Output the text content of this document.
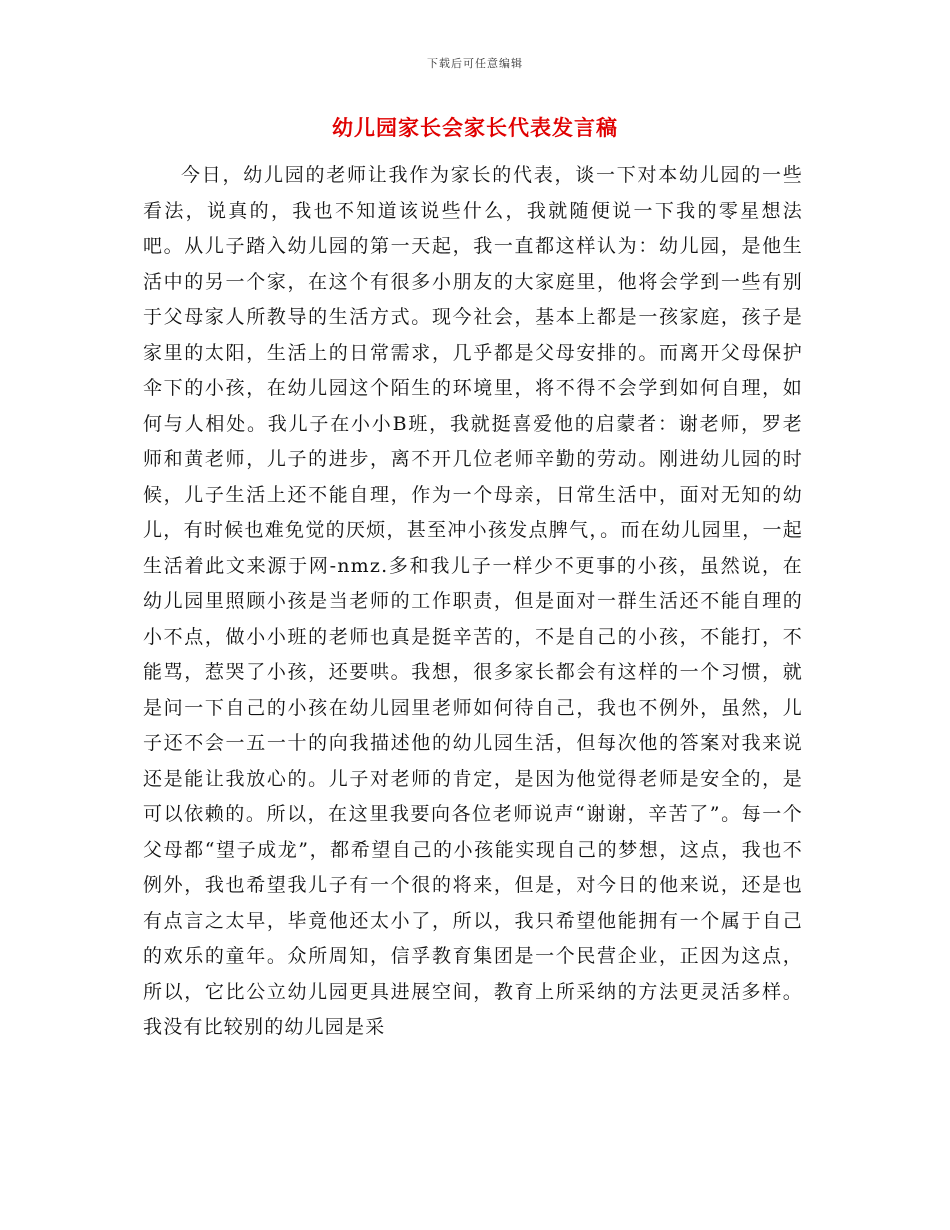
下载后可任意编辑
幼儿园家长会家长代表发言稿

今日，幼儿园的老师让我作为家长的代表，谈一下对本幼儿园的一些看法，说真的，我也不知道该说些什么，我就随便说一下我的零星想法吧。从儿子踏入幼儿园的第一天起，我一直都这样认为：幼儿园，是他生活中的另一个家，在这个有很多小朋友的大家庭里，他将会学到一些有别于父母家人所教导的生活方式。现今社会，基本上都是一孩家庭，孩子是家里的太阳，生活上的日常需求，几乎都是父母安排的。而离开父母保护伞下的小孩，在幼儿园这个陌生的环境里，将不得不会学到如何自理，如何与人相处。我儿子在小小B班，我就挺喜爱他的启蒙者：谢老师，罗老师和黄老师，儿子的进步，离不开几位老师辛勤的劳动。刚进幼儿园的时候，儿子生活上还不能自理，作为一个母亲，日常生活中，面对无知的幼儿，有时候也难免觉的厌烦，甚至冲小孩发点脾气，。而在幼儿园里，一起生活着此文来源于网-nmz.多和我儿子一样少不更事的小孩，虽然说，在幼儿园里照顾小孩是当老师的工作职责，但是面对一群生活还不能自理的小不点，做小小班的老师也真是挺辛苦的，不是自己的小孩，不能打，不能骂，惹哭了小孩，还要哄。我想，很多家长都会有这样的一个习惯，就是问一下自己的小孩在幼儿园里老师如何待自己，我也不例外，虽然，儿子还不会一五一十的向我描述他的幼儿园生活，但每次他的答案对我来说还是能让我放心的。儿子对老师的肯定，是因为他觉得老师是安全的，是可以依赖的。所以，在这里我要向各位老师说声“谢谢，辛苦了”。每一个父母都“望子成龙”，都希望自己的小孩能实现自己的梦想，这点，我也不例外，我也希望我儿子有一个很的将来，但是，对今日的他来说，还是也有点言之太早，毕竟他还太小了，所以，我只希望他能拥有一个属于自己的欢乐的童年。众所周知，信孚教育集团是一个民营企业，正因为这点，所以，它比公立幼儿园更具进展空间，教育上所采纳的方法更灵活多样。我没有比较别的幼儿园是采
